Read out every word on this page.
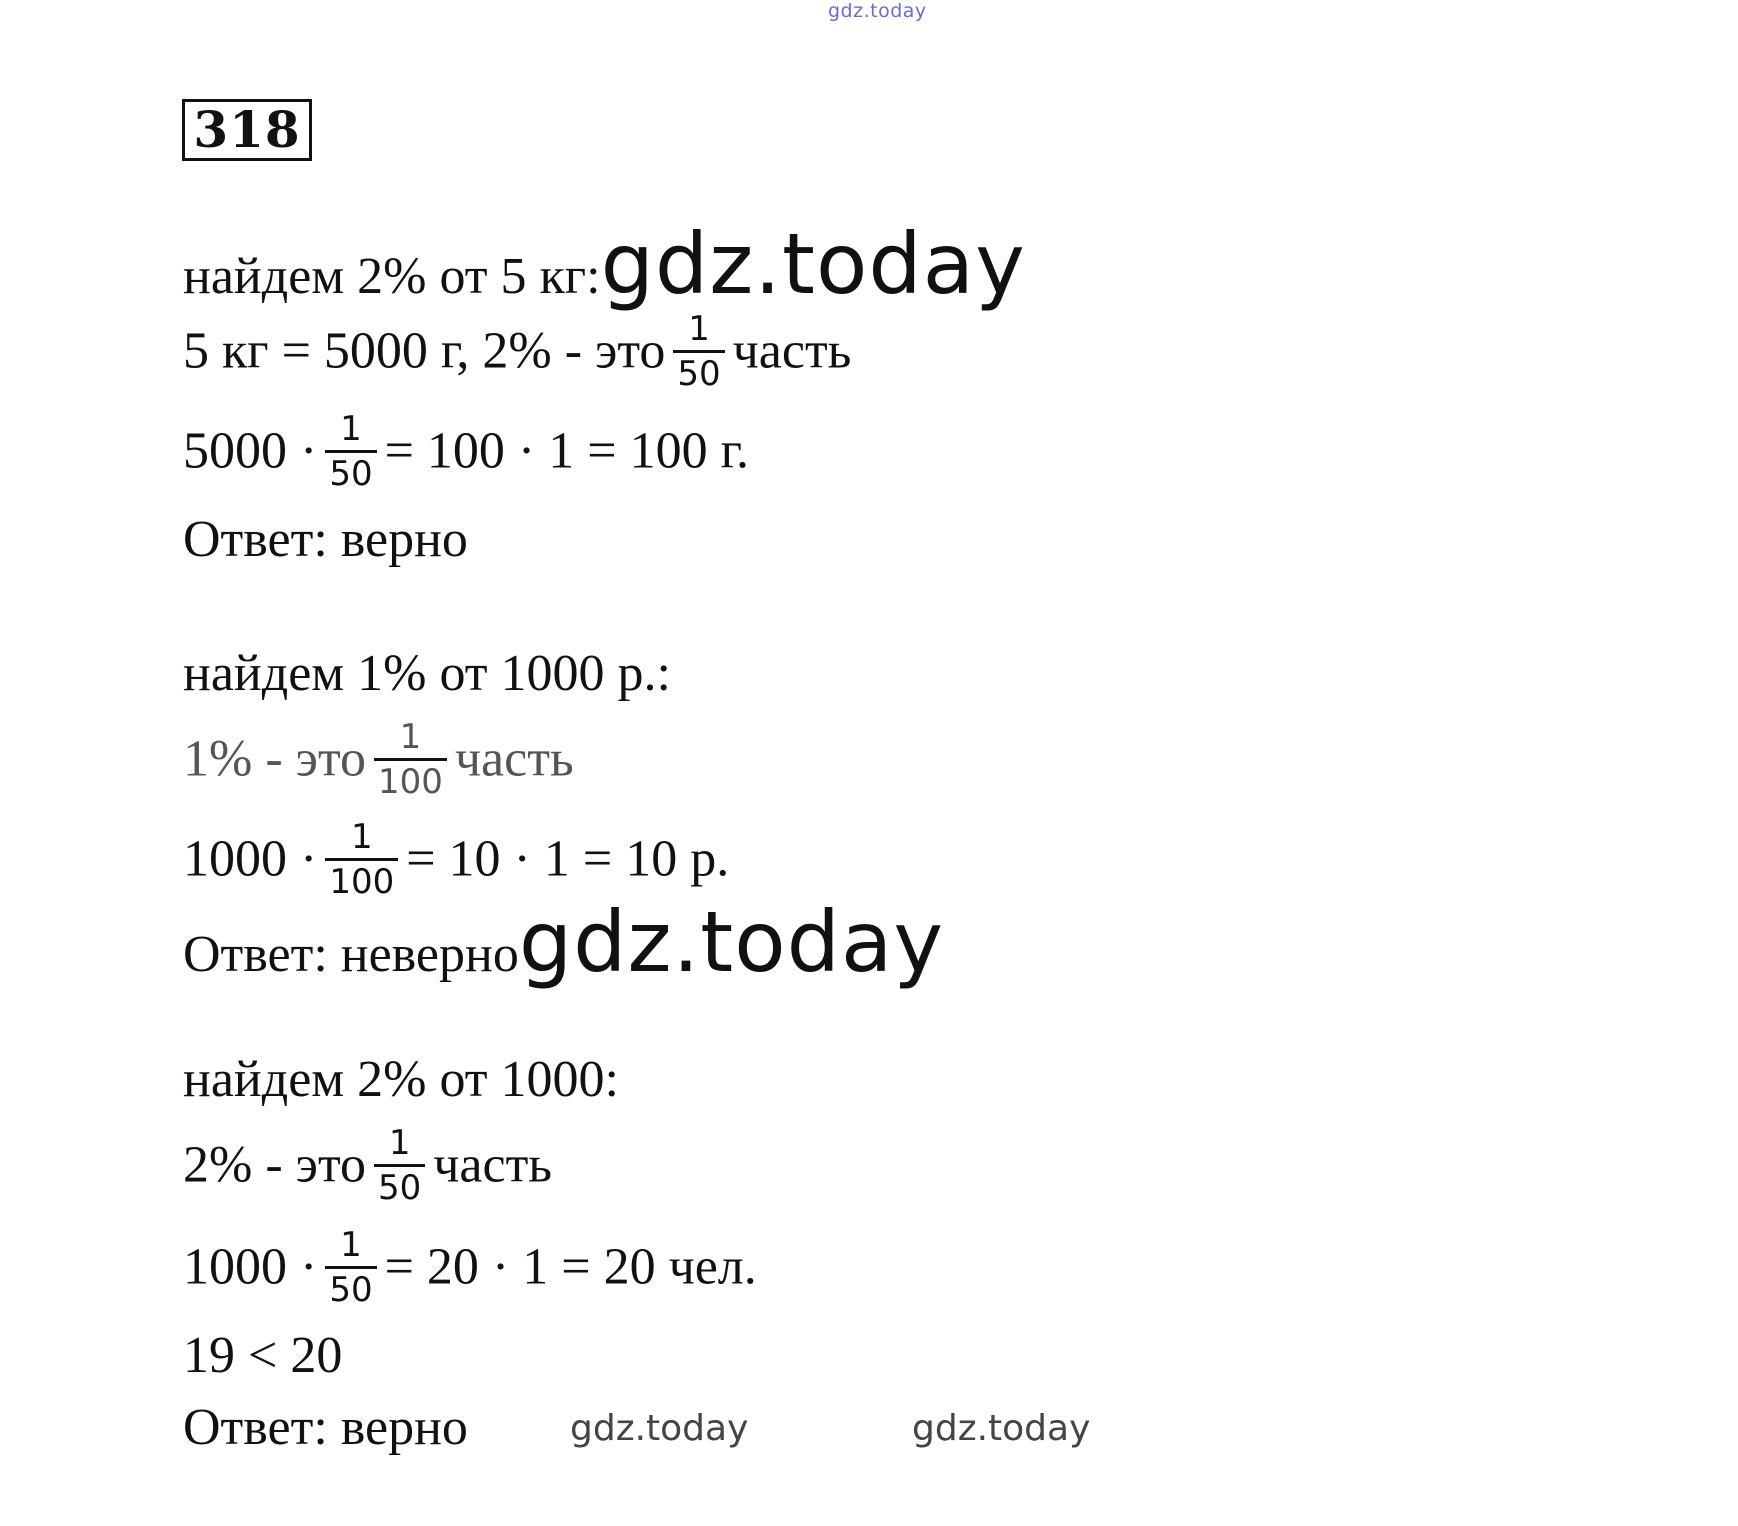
gdz.today
318
найдем 2% от 5 кг:gdz.today
5 кг = 5000 г, 2% - это $\frac{1}{50}$ часть
$5000 \cdot \frac{1}{50} = 100 \cdot 1 = 100$ г.
Ответ: верно
найдем 1% от 1000 р.:
1% - это $\frac{1}{100}$ часть
$1000 \cdot \frac{1}{100} = 10 \cdot 1 = 10$ р.
Ответ: неверноgdz.today
найдем 2% от 1000:
2% - это $\frac{1}{50}$ часть
$1000 \cdot \frac{1}{50} = 20 \cdot 1 = 20$ чел.
19 < 20
Ответ: верно	gdz.today	gdz.today
